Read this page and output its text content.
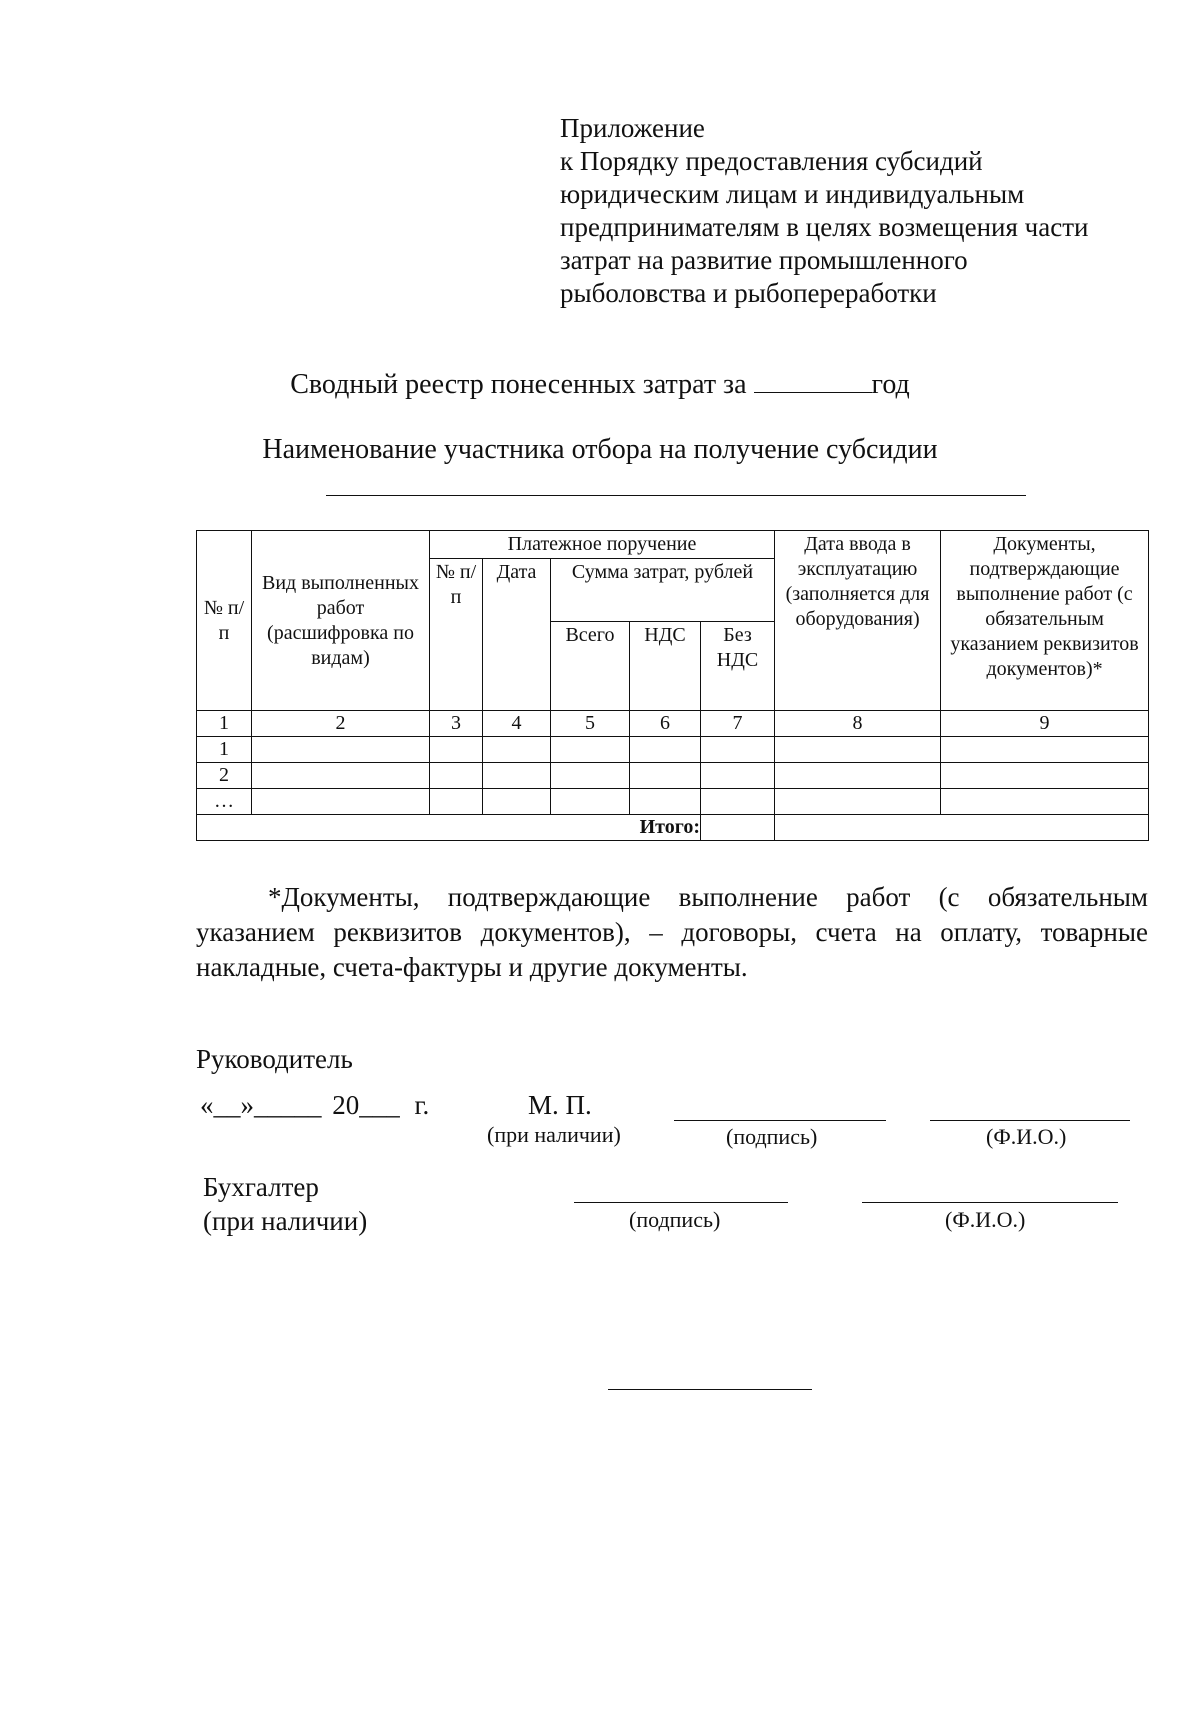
Приложение
к Порядку предоставления субсидий
юридическим лицам и индивидуальным
предпринимателям в целях возмещения части
затрат на развитие промышленного
рыболовства и рыбопереработки
Сводный реестр понесенных затрат за	год
Наименование участника отбора на получение субсидии
№ п/п	Вид выполненных работ (расшифровка по видам)	Платежное поручение					Дата ввода в эксплуатацию (заполняется для оборудования)	Документы, подтверждающие выполнение работ (с обязательным указанием реквизитов документов)*
		№ п/п	Дата	Сумма затрат, рублей				
				Всего	НДС	Без НДС		
1	2	3	4	5	6	7	8	9
1								
2								
…								
Итого:								
*Документы, подтверждающие выполнение работ (с обязательным указанием реквизитов документов), – договоры, счета на оплату, товарные накладные, счета-фактуры и другие документы.
Руководитель
«__»_____ 20___ г.	М. П.
(при наличии)	(подпись)	(Ф.И.О.)
Бухгалтер
(при наличии)	(подпись)	(Ф.И.О.)
